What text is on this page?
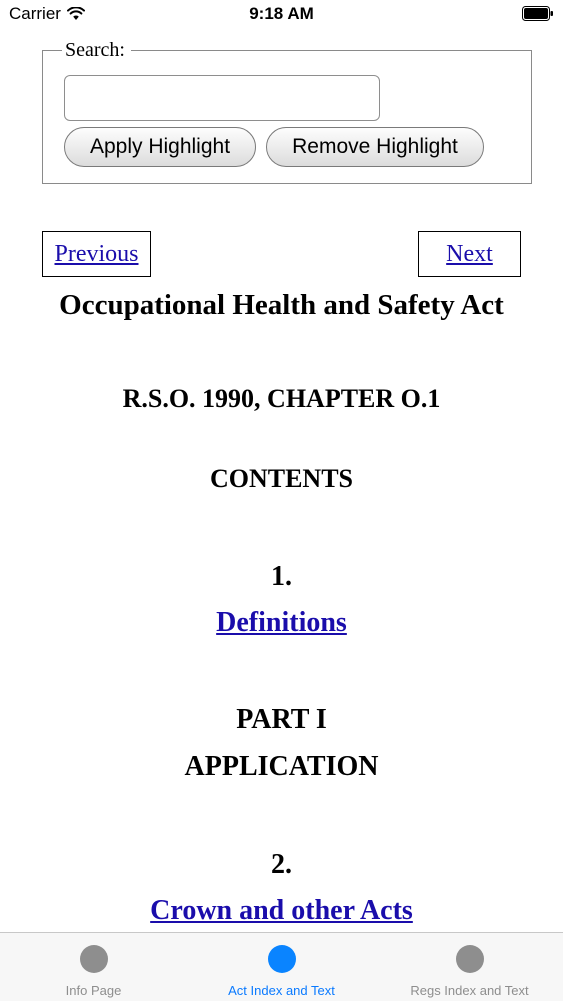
Carrier	9:18 AM
Search:
Apply Highlight	Remove Highlight
Previous	Next
Occupational Health and Safety Act
R.S.O. 1990, CHAPTER O.1
CONTENTS
1.
Definitions
PART I
APPLICATION
2.
Crown and other Acts
Info Page	Act Index and Text	Regs Index and Text
